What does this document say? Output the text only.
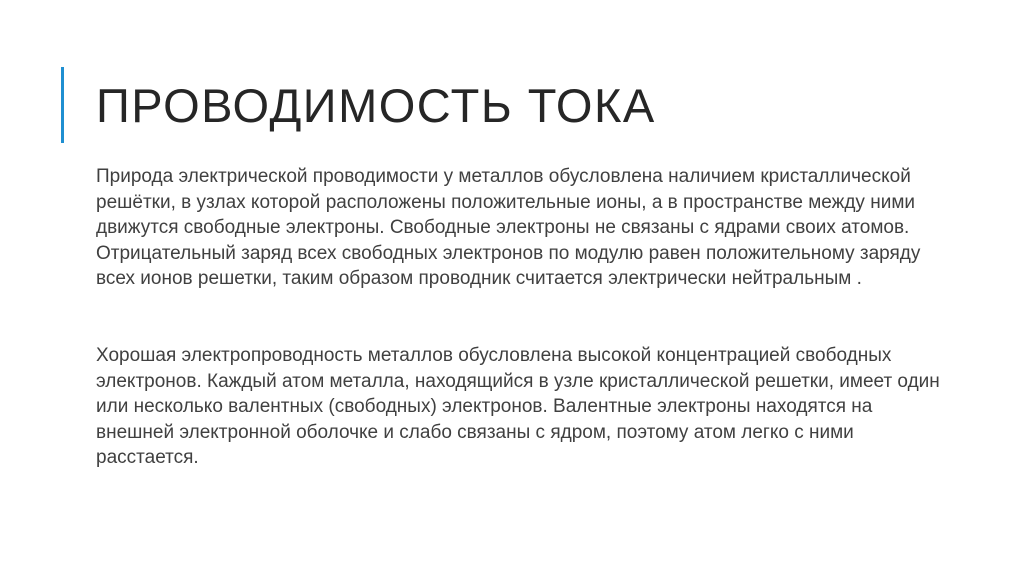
ПРОВОДИМОСТЬ ТОКА

Природа электрической проводимости у металлов обусловлена наличием кристаллической решётки, в узлах которой расположены положительные ионы, а в пространстве между ними движутся свободные электроны. Свободные электроны не связаны с ядрами своих атомов. Отрицательный заряд всех свободных электронов по модулю равен положительному заряду всех ионов решетки, таким образом проводник считается электрически нейтральным .

Хорошая электропроводность металлов обусловлена высокой концентрацией свободных электронов. Каждый атом металла, находящийся в узле кристаллической решетки, имеет один или несколько валентных (свободных) электронов. Валентные электроны находятся на внешней электронной оболочке и слабо связаны с ядром, поэтому атом легко с ними расстается.
